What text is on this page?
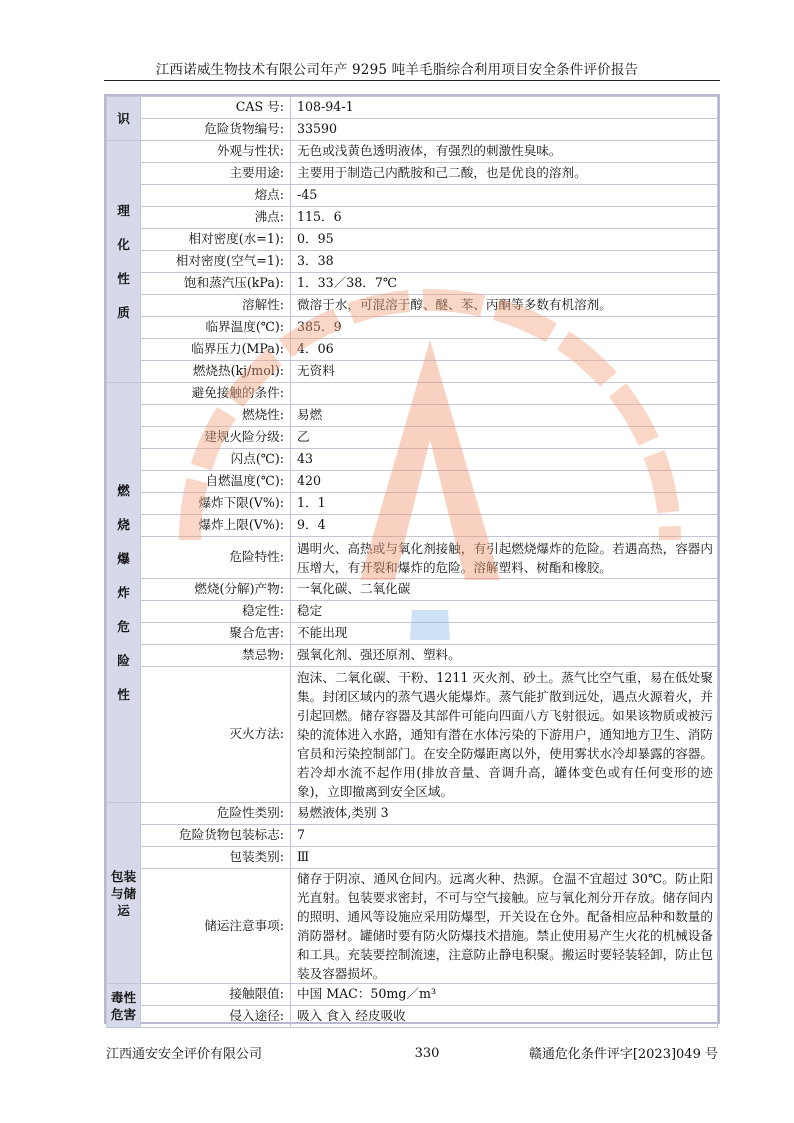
江西诺威生物技术有限公司年产 9295 吨羊毛脂综合利用项目安全条件评价报告
识	CAS 号:	108-94-1
	危险货物编号:	33590
理化性质	外观与性状:	无色或浅黄色透明液体，有强烈的刺激性臭味。
	主要用途:	主要用于制造己内酰胺和己二酸，也是优良的溶剂。
	熔点:	-45
	沸点:	115．6
	相对密度(水=1):	0．95
	相对密度(空气=1):	3．38
	饱和蒸汽压(kPa):	1．33／38．7℃
	溶解性:	微溶于水，可混溶于醇、醚、苯、丙酮等多数有机溶剂。
	临界温度(℃):	385．9
	临界压力(MPa):	4．06
	燃烧热(kj/mol):	无资料
燃烧爆炸危险性	避免接触的条件:	
	燃烧性:	易燃
	建规火险分级:	乙
	闪点(℃):	43
	自燃温度(℃):	420
	爆炸下限(V%):	1．1
	爆炸上限(V%):	9．4
	危险特性:	遇明火、高热或与氧化剂接触，有引起燃烧爆炸的危险。若遇高热，容器内压增大，有开裂和爆炸的危险。溶解塑料、树酯和橡胶。
	燃烧(分解)产物:	一氧化碳、二氧化碳
	稳定性:	稳定
	聚合危害:	不能出现
	禁忌物:	强氧化剂、强还原剂、塑料。
	灭火方法:	泡沫、二氧化碳、干粉、1211 灭火剂、砂土。蒸气比空气重，易在低处聚集。封闭区域内的蒸气遇火能爆炸。蒸气能扩散到远处，遇点火源着火，并引起回燃。储存容器及其部件可能向四面八方飞射很远。如果该物质或被污染的流体进入水路，通知有潜在水体污染的下游用户，通知地方卫生、消防官员和污染控制部门。在安全防爆距离以外，使用雾状水冷却暴露的容器。若冷却水流不起作用(排放音量、音调升高，罐体变色或有任何变形的迹象)，立即撤离到安全区域。
包装与储运	危险性类别:	易燃液体,类别 3
	危险货物包装标志:	7
	包装类别:	Ⅲ
	储运注意事项:	储存于阴凉、通风仓间内。远离火种、热源。仓温不宜超过 30℃。防止阳光直射。包装要求密封，不可与空气接触。应与氧化剂分开存放。储存间内的照明、通风等设施应采用防爆型，开关设在仓外。配备相应品种和数量的消防器材。罐储时要有防火防爆技术措施。禁止使用易产生火花的机械设备和工具。充装要控制流速，注意防止静电积聚。搬运时要轻装轻卸，防止包装及容器损坏。
毒性危害	接触限值:	中国 MAC：50mg／m³
	侵入途径:	吸入 食入 经皮吸收
江西通安安全评价有限公司	330	赣通危化条件评字[2023]049 号
